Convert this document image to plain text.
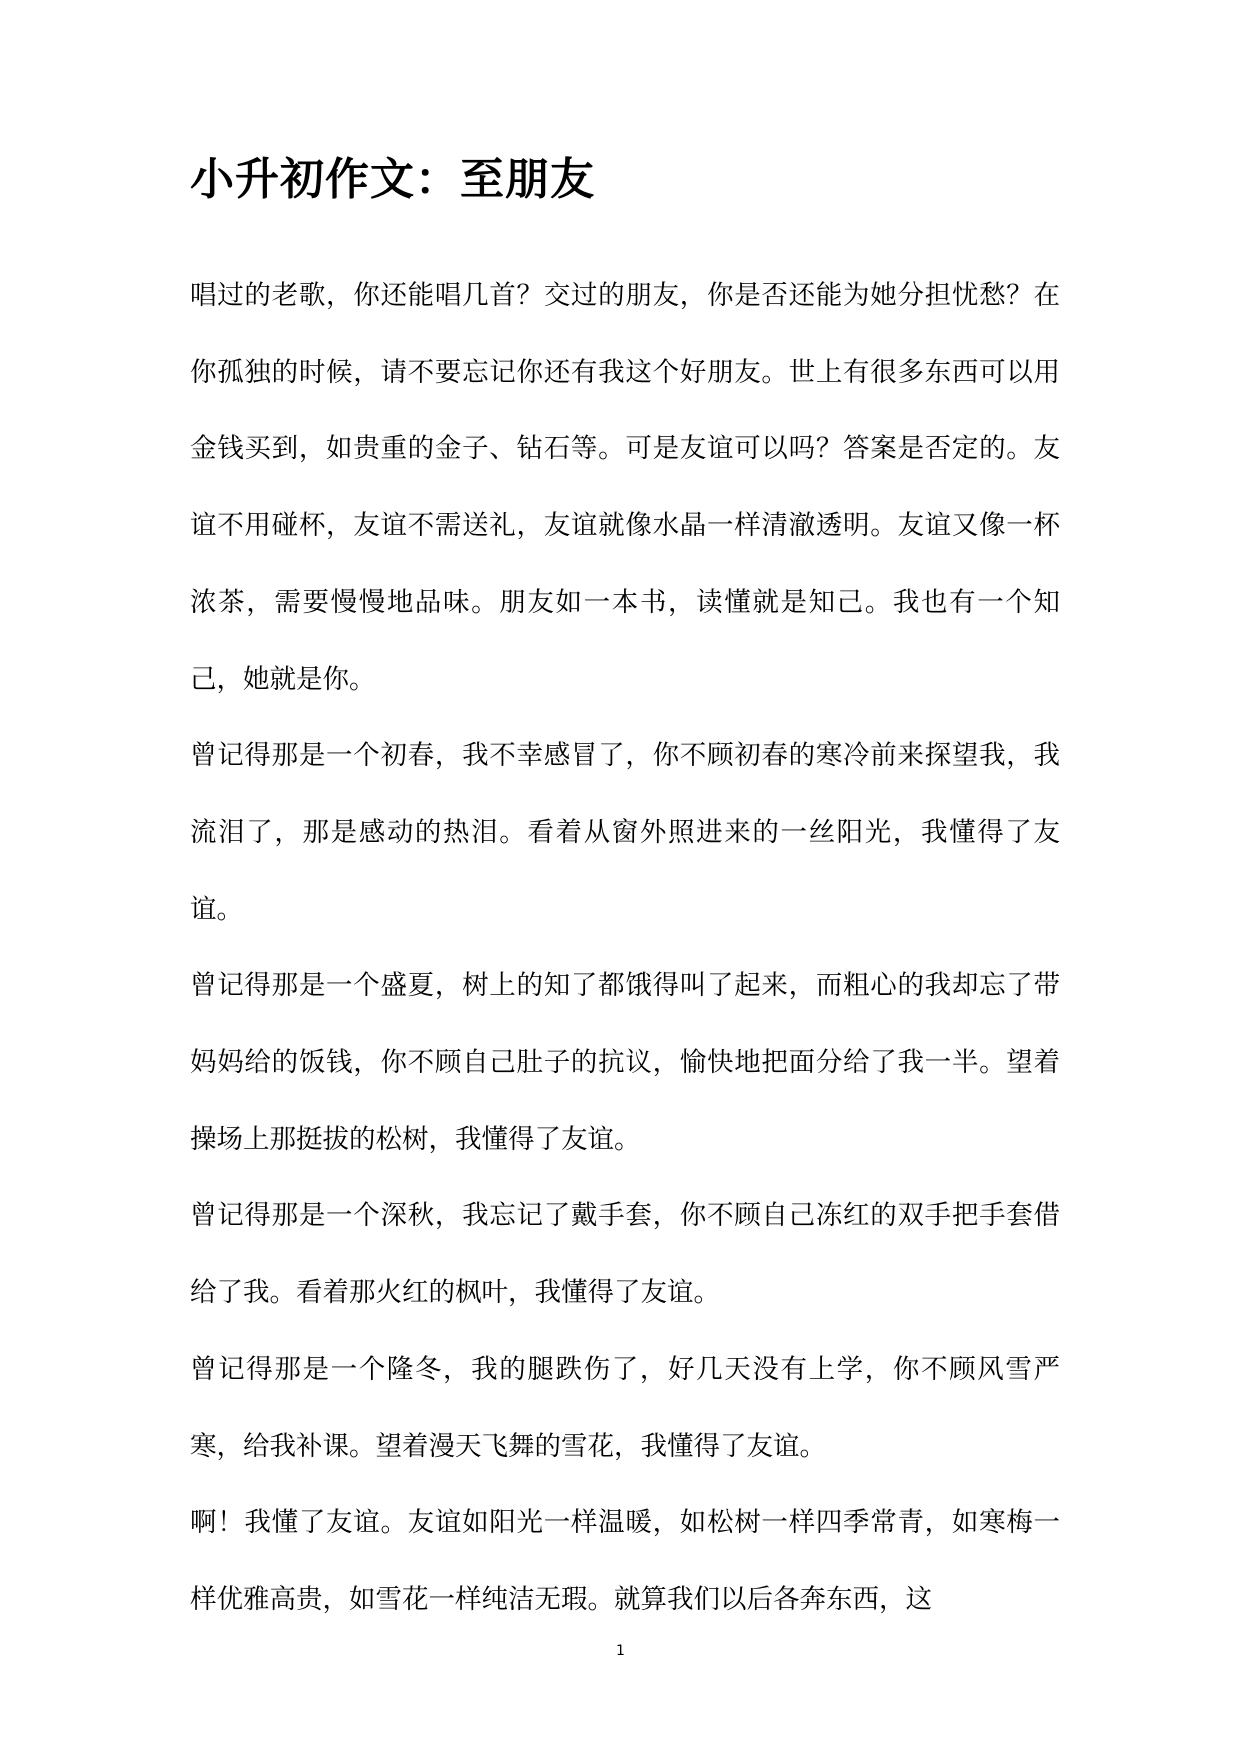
小升初作文：至朋友

唱过的老歌，你还能唱几首？交过的朋友，你是否还能为她分担忧愁？在你孤独的时候，请不要忘记你还有我这个好朋友。世上有很多东西可以用金钱买到，如贵重的金子、钻石等。可是友谊可以吗？答案是否定的。友谊不用碰杯，友谊不需送礼，友谊就像水晶一样清澈透明。友谊又像一杯浓茶，需要慢慢地品味。朋友如一本书，读懂就是知己。我也有一个知己，她就是你。

曾记得那是一个初春，我不幸感冒了，你不顾初春的寒冷前来探望我，我流泪了，那是感动的热泪。看着从窗外照进来的一丝阳光，我懂得了友谊。

曾记得那是一个盛夏，树上的知了都饿得叫了起来，而粗心的我却忘了带妈妈给的饭钱，你不顾自己肚子的抗议，愉快地把面分给了我一半。望着操场上那挺拔的松树，我懂得了友谊。

曾记得那是一个深秋，我忘记了戴手套，你不顾自己冻红的双手把手套借给了我。看着那火红的枫叶，我懂得了友谊。

曾记得那是一个隆冬，我的腿跌伤了，好几天没有上学，你不顾风雪严寒，给我补课。望着漫天飞舞的雪花，我懂得了友谊。

啊！我懂了友谊。友谊如阳光一样温暖，如松树一样四季常青，如寒梅一样优雅高贵，如雪花一样纯洁无瑕。就算我们以后各奔东西，这

1
